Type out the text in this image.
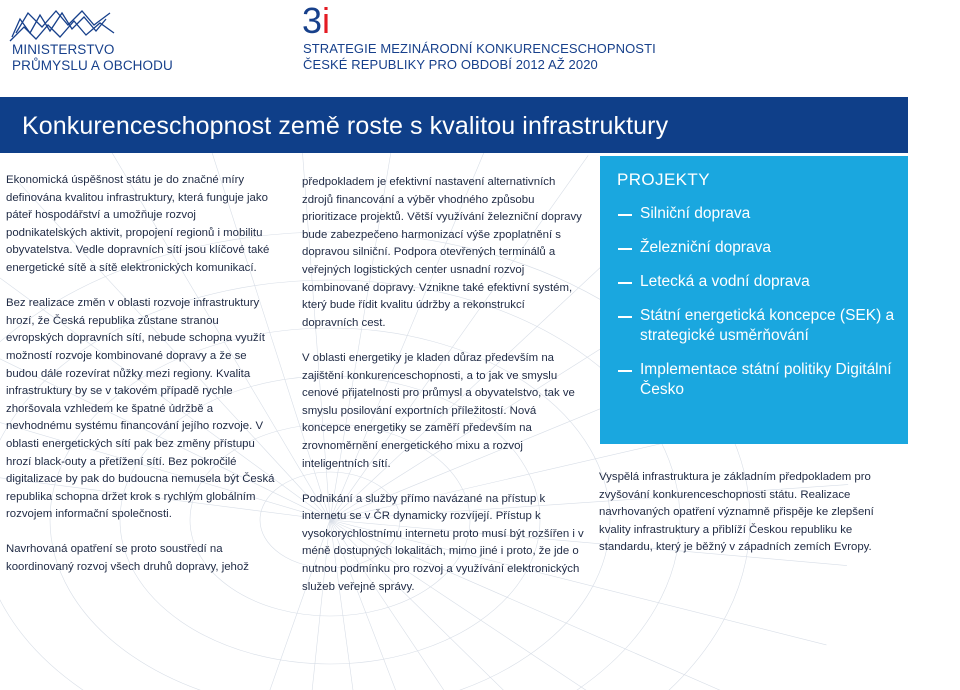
MINISTERSTVO
PRŮMYSLU A OBCHODU
3i
STRATEGIE MEZINÁRODNÍ KONKURENCESCHOPNOSTI
ČESKÉ REPUBLIKY PRO OBDOBÍ 2012 AŽ 2020
Konkurenceschopnost země roste s kvalitou infrastruktury

Ekonomická úspěšnost státu je do značné míry definována kvalitou infrastruktury, která funguje jako páteř hospodářství a umožňuje rozvoj podnikatelských aktivit, propojení regionů i mobilitu obyvatelstva. Vedle dopravních sítí jsou klíčové také energetické sítě a sítě elektronických komunikací.

Bez realizace změn v oblasti rozvoje infrastruktury hrozí, že Česká republika zůstane stranou evropských dopravních sítí, nebude schopna využít možností rozvoje kombinované dopravy a že se budou dále rozevírat nůžky mezi regiony. Kvalita infrastruktury by se v takovém případě rychle zhoršovala vzhledem ke špatné údržbě a nevhodnému systému financování jejího rozvoje. V oblasti energetických sítí pak bez změny přístupu hrozí black-outy a přetížení sítí. Bez pokročilé digitalizace by pak do budoucna nemusela být Česká republika schopna držet krok s rychlým globálním rozvojem informační společnosti.

Navrhovaná opatření se proto soustředí na koordinovaný rozvoj všech druhů dopravy, jehož

předpokladem je efektivní nastavení alternativních zdrojů financování a výběr vhodného způsobu prioritizace projektů. Větší využívání železniční dopravy bude zabezpečeno harmonizací výše zpoplatnění s dopravou silniční. Podpora otevřených terminálů a veřejných logistických center usnadní rozvoj kombinované dopravy. Vznikne také efektivní systém, který bude řídit kvalitu údržby a rekonstrukcí dopravních cest.

V oblasti energetiky je kladen důraz především na zajištění konkurenceschopnosti, a to jak ve smyslu cenové přijatelnosti pro průmysl a obyvatelstvo, tak ve smyslu posilování exportních příležitostí. Nová koncepce energetiky se zaměří především na zrovnoměrnění energetického mixu a rozvoj inteligentních sítí.

Podnikání a služby přímo navázané na přístup k internetu se v ČR dynamicky rozvíjejí. Přístup k vysokorychlostnímu internetu proto musí být rozšířen i v méně dostupných lokalitách, mimo jiné i proto, že jde o nutnou podmínku pro rozvoj a využívání elektronických služeb veřejné správy.

PROJEKTY
Silniční doprava
Železniční doprava
Letecká a vodní doprava
Státní energetická koncepce (SEK) a strategické usměrňování
Implementace státní politiky Digitální Česko

Vyspělá infrastruktura je základním předpokladem pro zvyšování konkurenceschopnosti státu. Realizace navrhovaných opatření významně přispěje ke zlepšení kvality infrastruktury a přiblíží Českou republiku ke standardu, který je běžný v západních zemích Evropy.
